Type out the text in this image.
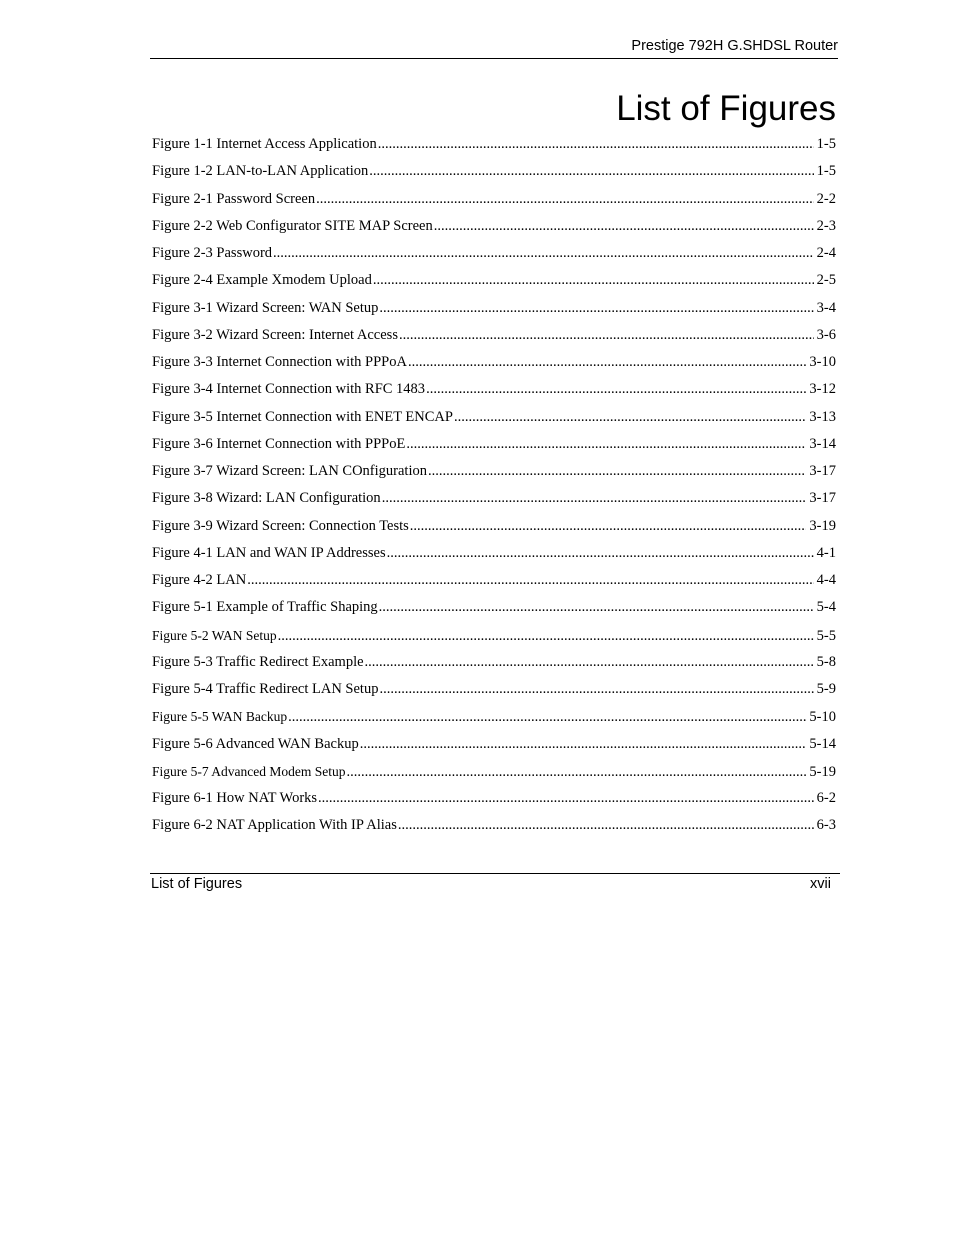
Prestige 792H G.SHDSL Router
List of Figures
Figure 1-1 Internet Access Application .....	1-5
Figure 1-2 LAN-to-LAN Application .....	1-5
Figure 2-1 Password Screen .....	2-2
Figure 2-2 Web Configurator SITE MAP Screen .....	2-3
Figure 2-3 Password .....	2-4
Figure 2-4 Example Xmodem Upload .....	2-5
Figure 3-1 Wizard Screen: WAN Setup .....	3-4
Figure 3-2 Wizard Screen: Internet Access .....	3-6
Figure 3-3 Internet Connection with PPPoA .....	3-10
Figure 3-4 Internet Connection with RFC 1483 .....	3-12
Figure 3-5 Internet Connection with ENET ENCAP .....	3-13
Figure 3-6 Internet Connection with PPPoE .....	3-14
Figure 3-7 Wizard Screen: LAN COnfiguration .....	3-17
Figure 3-8 Wizard: LAN Configuration .....	3-17
Figure 3-9 Wizard Screen: Connection Tests .....	3-19
Figure 4-1 LAN and WAN IP Addresses .....	4-1
Figure 4-2 LAN .....	4-4
Figure 5-1 Example of Traffic Shaping .....	5-4
Figure 5-2 WAN Setup .....	5-5
Figure 5-3 Traffic Redirect Example .....	5-8
Figure 5-4 Traffic Redirect LAN Setup .....	5-9
Figure 5-5 WAN Backup .....	5-10
Figure 5-6 Advanced WAN Backup .....	5-14
Figure 5-7 Advanced Modem Setup .....	5-19
Figure 6-1 How NAT Works .....	6-2
Figure 6-2 NAT Application With IP Alias .....	6-3
List of Figures	xvii
